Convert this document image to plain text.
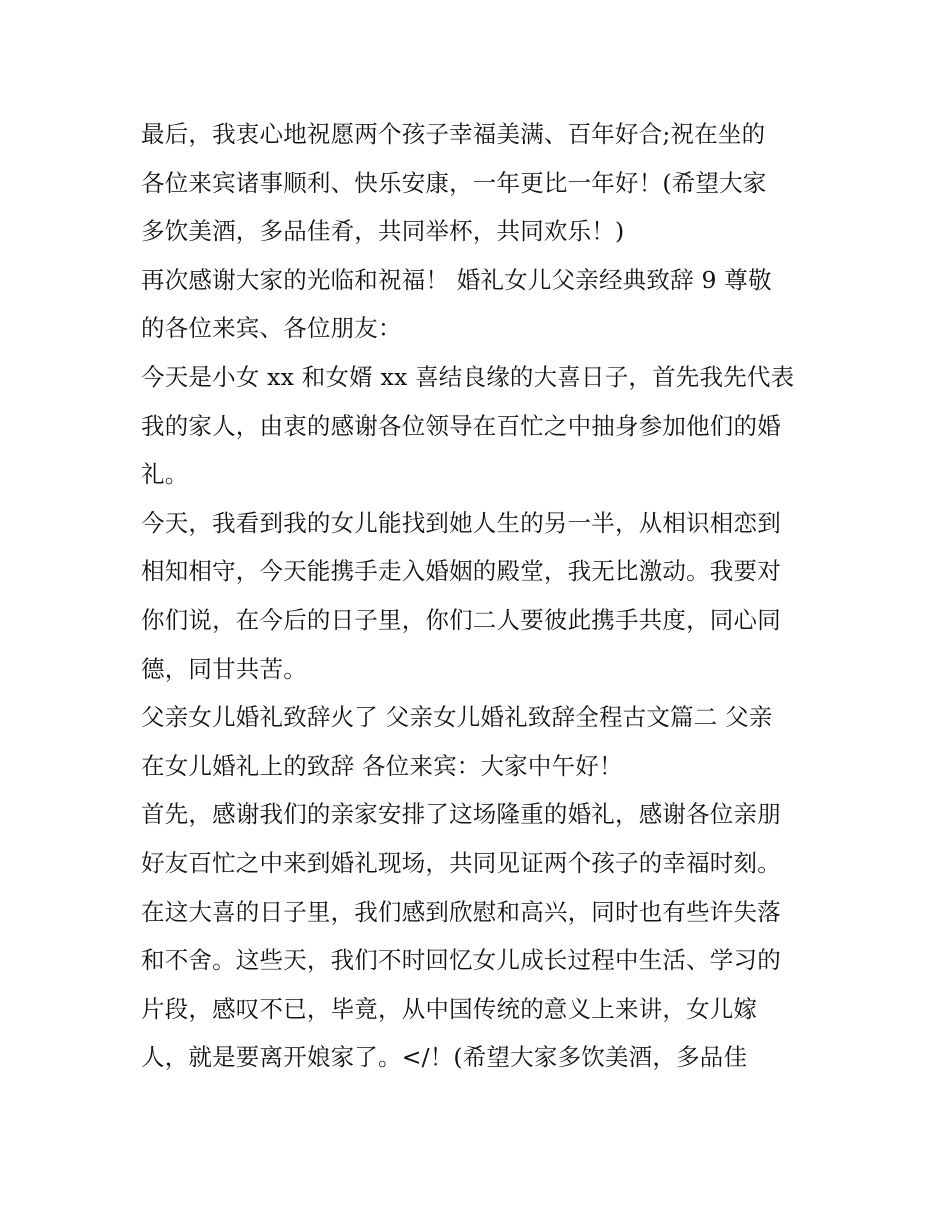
最后，我衷心地祝愿两个孩子幸福美满、百年好合;祝在坐的
各位来宾诸事顺利、快乐安康，一年更比一年好！(希望大家
多饮美酒，多品佳肴，共同举杯，共同欢乐！)
再次感谢大家的光临和祝福！ 婚礼女儿父亲经典致辞 9 尊敬
的各位来宾、各位朋友：
今天是小女 xx 和女婿 xx 喜结良缘的大喜日子，首先我先代表
我的家人，由衷的感谢各位领导在百忙之中抽身参加他们的婚
礼。
今天，我看到我的女儿能找到她人生的另一半，从相识相恋到
相知相守，今天能携手走入婚姻的殿堂，我无比激动。我要对
你们说，在今后的日子里，你们二人要彼此携手共度，同心同
德，同甘共苦。
父亲女儿婚礼致辞火了 父亲女儿婚礼致辞全程古文篇二 父亲
在女儿婚礼上的致辞 各位来宾：大家中午好！
首先，感谢我们的亲家安排了这场隆重的婚礼，感谢各位亲朋
好友百忙之中来到婚礼现场，共同见证两个孩子的幸福时刻。
在这大喜的日子里，我们感到欣慰和高兴，同时也有些许失落
和不舍。这些天，我们不时回忆女儿成长过程中生活、学习的
片段，感叹不已，毕竟，从中国传统的意义上来讲，女儿嫁
人，就是要离开娘家了。</！(希望大家多饮美酒，多品佳
